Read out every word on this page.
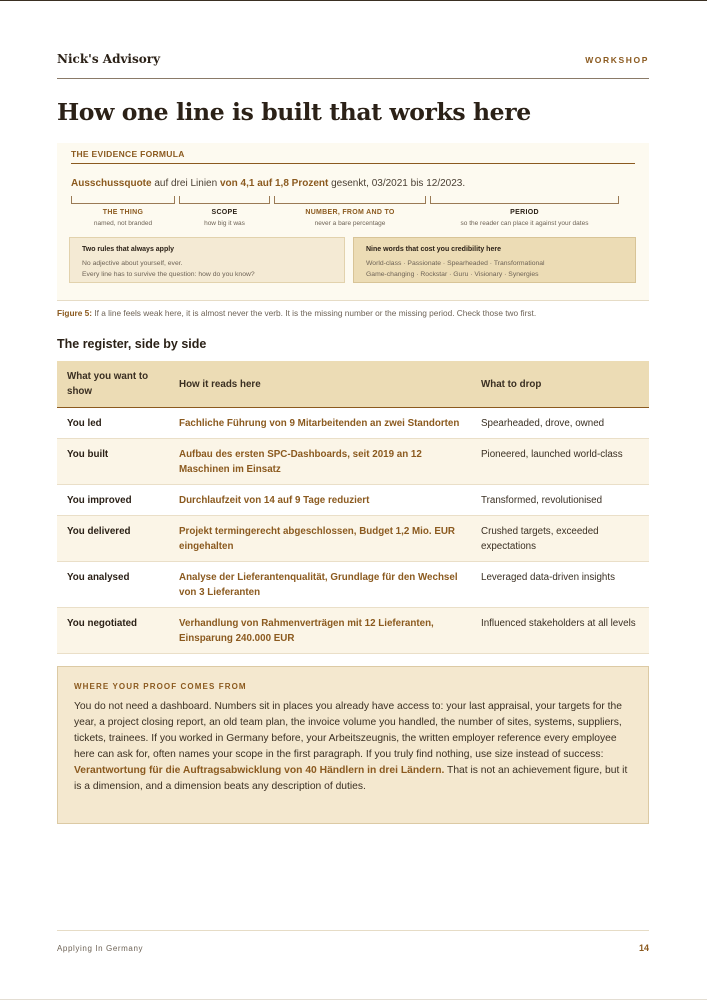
Nick's Advisory	WORKSHOP
How one line is built that works here
THE EVIDENCE FORMULA
Ausschussquote auf drei Linien von 4,1 auf 1,8 Prozent gesenkt, 03/2021 bis 12/2023.
THE THING
named, not branded
SCOPE
how big it was
NUMBER, FROM AND TO
never a bare percentage
PERIOD
so the reader can place it against your dates
Two rules that always apply
No adjective about yourself, ever.
Every line has to survive the question: how do you know?
Nine words that cost you credibility here
World-class · Passionate · Spearheaded · Transformational
Game-changing · Rockstar · Guru · Visionary · Synergies
Figure 5: If a line feels weak here, it is almost never the verb. It is the missing number or the missing period. Check those two first.
The register, side by side
What you want to show	How it reads here	What to drop
You led	Fachliche Führung von 9 Mitarbeitenden an zwei Standorten	Spearheaded, drove, owned
You built	Aufbau des ersten SPC-Dashboards, seit 2019 an 12 Maschinen im Einsatz	Pioneered, launched world-class
You improved	Durchlaufzeit von 14 auf 9 Tage reduziert	Transformed, revolutionised
You delivered	Projekt termingerecht abgeschlossen, Budget 1,2 Mio. EUR eingehalten	Crushed targets, exceeded expectations
You analysed	Analyse der Lieferantenqualität, Grundlage für den Wechsel von 3 Lieferanten	Leveraged data-driven insights
You negotiated	Verhandlung von Rahmenverträgen mit 12 Lieferanten, Einsparung 240.000 EUR	Influenced stakeholders at all levels
WHERE YOUR PROOF COMES FROM

You do not need a dashboard. Numbers sit in places you already have access to: your last appraisal, your targets for the year, a project closing report, an old team plan, the invoice volume you handled, the number of sites, systems, suppliers, tickets, trainees. If you worked in Germany before, your Arbeitszeugnis, the written employer reference every employee here can ask for, often names your scope in the first paragraph. If you truly find nothing, use size instead of success: Verantwortung für die Auftragsabwicklung von 40 Händlern in drei Ländern. That is not an achievement figure, but it is a dimension, and a dimension beats any description of duties.

Applying In Germany	14
